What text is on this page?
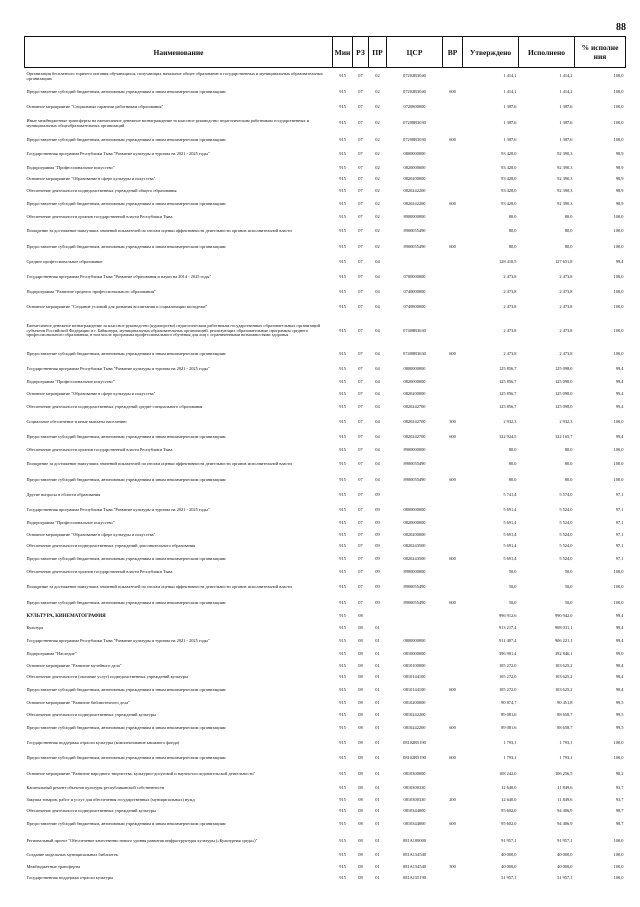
88
Наименование	Мин	РЗ	ПР	ЦСР	ВР	Утверждено	Исполнено	% исполне ния
Организация бесплатного горячего питания обучающихся, получающих начальное общее образование в государственных и муниципальных образовательных организациях	915	07	02	07202R3040		1 414,1	1 414,2	100,0
Предоставление субсидий бюджетным, автономным учреждениям и иным некоммерческим организациям	915	07	02	07202R3040	600	1 414,1	1 414,2	100,0
Основное мероприятие "Социальные гарантии работникам образования"	915	07	02	0720800000		1 387,6	1 387,6	100,0
Иные межбюджетные трансферты на ежемесячное денежное вознаграждение за классное руководство педагогическим работникам государственных и муниципальных общеобразовательных организаций	915	07	02	07208R3030		1 387,6	1 387,6	100,0
Предоставление субсидий бюджетным, автономным учреждениям и иным некоммерческим организациям	915	07	02	07208R3030	600	1 387,6	1 387,6	100,0
Государственная программа Республики Тыва "Развитие культуры и туризма на 2021 - 2025 годы"	915	07	02	0800000000		93 428,0	92 390,3	98,9
Подпрограмма "Профессиональное искусство"	915	07	02	0820000000		93 428,0	92 390,3	98,9
Основное мероприятие "Образование в сфере культуры и искусства"	915	07	02	0820200000		93 428,0	92 390,3	98,9
Обеспечение деятельности подведомственных учреждений общего образования	915	07	02	0820242200		93 428,0	92 390,3	98,9
Предоставление субсидий бюджетным, автономным учреждениям и иным некоммерческим организациям	915	07	02	0820242200	600	93 428,0	92 390,3	98,9
Обеспечение деятельности органов государственной власти Республики Тыва	915	07	02	8900000000		80,0	80,0	100,0
Поощрение за достижение наилучших значений показателей по итогам оценки эффективности деятельности органов исполнительной власти	915	07	02	8900055490		80,0	80,0	100,0
Предоставление субсидий бюджетным, автономным учреждениям и иным некоммерческим организациям	915	07	02	8900055490	600	80,0	80,0	100,0
Среднее профессиональное образование	915	07	04			128 410,5	127 651,8	99,4
Государственная программа Республики Тыва "Развитие образования и науки на 2014 - 2025 годы"	915	07	04	0700000000		2 473,8	2 473,8	100,0
Подпрограмма "Развитие среднего профессионального образования"	915	07	04	0740000000		2 473,8	2 473,8	100,0
Основное мероприятие "Создание условий для развития воспитания и социализации молодежи"	915	07	04	0740800000		2 473,8	2 473,8	100,0
Ежемесячное денежное вознаграждение за классное руководство (кураторство) педагогическим работникам государственных образовательных организаций субъектов Российской Федерации и г. Байконура, муниципальных образовательных организаций, реализующих образовательные программы среднего профессионального образования, в том числе программы профессионального обучения для лиц с ограниченными возможностями здоровья	915	07	04	07408R3630		2 473,8	2 473,8	100,0
Предоставление субсидий бюджетным, автономным учреждениям и иным некоммерческим организациям	915	07	04	07408R3630	600	2 473,8	2 473,8	100,0
Государственная программа Республики Тыва "Развитие культуры и туризма на 2021 - 2025 годы"	915	07	04	0800000000		125 856,7	125 098,0	99,4
Подпрограмма "Профессиональное искусство"	915	07	04	0820000000		125 856,7	125 098,0	99,4
Основное мероприятие "Образование в сфере культуры и искусства"	915	07	04	0820200000		125 856,7	125 098,0	99,4
Обеспечение деятельности подведомственных учреждений средне-специального образования	915	07	04	0820242700		125 856,7	125 098,0	99,4
Социальное обеспечение и иные выплаты населению	915	07	04	0820242700	300	2 932,3	2 932,3	100,0
Предоставление субсидий бюджетным, автономным учреждениям и иным некоммерческим организациям	915	07	04	0820242700	600	122 924,5	122 165,7	99,4
Обеспечение деятельности органов государственной власти Республики Тыва	915	07	04	8900000000		80,0	80,0	100,0
Поощрение за достижение наилучших значений показателей по итогам оценки эффективности деятельности органов исполнительной власти	915	07	04	8900055490		80,0	80,0	100,0
Предоставление субсидий бюджетным, автономным учреждениям и иным некоммерческим организациям	915	07	04	8900055490	600	80,0	80,0	100,0
Другие вопросы в области образования	915	07	09			5 741,4	5 574,0	97,1
Государственная программа Республики Тыва "Развитие культуры и туризма на 2021 - 2025 годы"	915	07	09	0800000000		5 691,4	5 524,0	97,1
Подпрограмма "Профессиональное искусство"	915	07	09	0820000000		5 691,4	5 524,0	97,1
Основное мероприятие "Образование в сфере культуры и искусства"	915	07	09	0820200000		5 691,4	5 524,0	97,1
Обеспечение деятельности подведомственных учреждений дополнительного образования	915	07	09	0820243500		5 691,4	5 524,0	97,1
Предоставление субсидий бюджетным, автономным учреждениям и иным некоммерческим организациям	915	07	09	0820243500	600	5 691,4	5 524,0	97,1
Обеспечение деятельности органов государственной власти Республики Тыва	915	07	09	8900000000		50,0	50,0	100,0
Поощрение за достижение наилучших значений показателей по итогам оценки эффективности деятельности органов исполнительной власти	915	07	09	8900055490		50,0	50,0	100,0
Предоставление субсидий бюджетным, автономным учреждениям и иным некоммерческим организациям	915	07	09	8900055490	600	50,0	50,0	100,0
КУЛЬТУРА, КИНЕМАТОГРАФИЯ	915	08				996 912,6	990 942,0	99,4
Культура	915	08	01			913 217,4	908 031,1	99,4
Государственная программа Республики Тыва "Развитие культуры и туризма на 2021 - 2025 годы"	915	08	01	0800000000		911 407,4	906 221,1	99,4
Подпрограмма "Наследие"	915	08	01	0810000000		396 901,4	392 846,1	99,0
Основное мероприятие "Развитие музейного дела"	915	08	01	0810100000		105 272,0	103 625,2	98,4
Обеспечение деятельности (оказание услуг) подведомственных учреждений культуры	915	08	01	0810144100		105 272,0	103 625,2	98,4
Предоставление субсидий бюджетным, автономным учреждениям и иным некоммерческим организациям	915	08	01	0810144100	600	105 272,0	103 625,2	98,4
Основное мероприятие "Развитие библиотечного дела"	915	08	01	0810200000		90 874,7	90 451,8	99,5
Обеспечение деятельности подведомственных учреждений культуры	915	08	01	0810242200		89 081,6	88 658,7	99,5
Предоставление субсидий бюджетным, автономным учреждениям и иным некоммерческим организациям	915	08	01	0810242200	600	89 081,6	88 658,7	99,5
Государственная поддержка отрасли культуры (комплектование книжного фонда)	915	08	01	08102R5190		1 793,1	1 793,1	100,0
Предоставление субсидий бюджетным, автономным учреждениям и иным некоммерческим организациям	915	08	01	08102R5190	600	1 793,1	1 793,1	100,0
Основное мероприятие "Развитие народного творчества, культурно-досуговой и научно-исследовательской деятельности"	915	08	01	0810300000		108 242,0	106 256,5	98,2
Капитальный ремонт объектов культуры республиканской собственности	915	08	01	0810300330		12 640,0	11 849,6	93,7
Закупка товаров, работ и услуг для обеспечения государственных (муниципальных) нужд	915	08	01	0810300330	200	12 640,0	11 849,6	93,7
Обеспечение деятельности подведомственных учреждений культуры	915	08	01	0810344000		95 602,0	94 406,9	98,7
Предоставление субсидий бюджетным, автономным учреждениям и иным некоммерческим организациям	915	08	01	0810344000	600	95 602,0	94 406,9	98,7
Региональный проект "Обеспечение качественно нового уровня развития инфраструктуры культуры («Культурная среда»)"	915	08	01	081A100000		91 957,1	91 957,1	100,0
Создание модельных муниципальных библиотек	915	08	01	081A154540		40 000,0	40 000,0	100,0
Межбюджетные трансферты	915	08	01	081A154540	500	40 000,0	40 000,0	100,0
Государственная поддержка отрасли культуры	915	08	01	081A155190		51 957,1	51 957,1	100,0
